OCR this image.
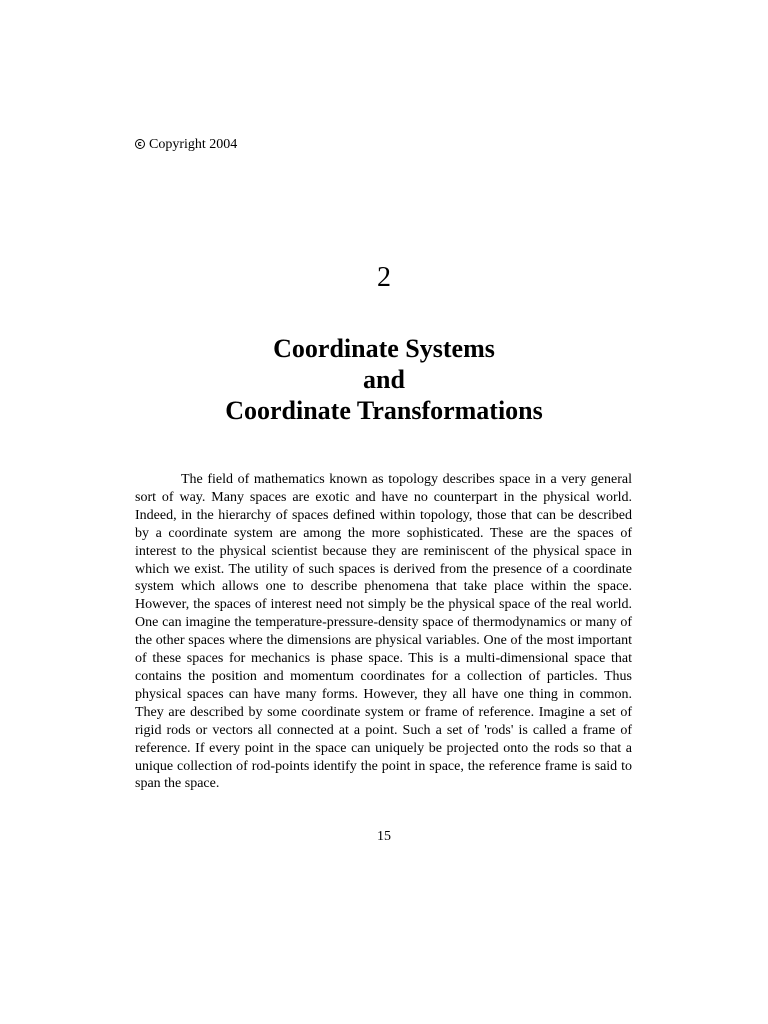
Copyright 2004
2
Coordinate Systems
and
Coordinate Transformations

The field of mathematics known as topology describes space in a very general sort of way. Many spaces are exotic and have no counterpart in the physical world. Indeed, in the hierarchy of spaces defined within topology, those that can be described by a coordinate system are among the more sophisticated. These are the spaces of interest to the physical scientist because they are reminiscent of the physical space in which we exist. The utility of such spaces is derived from the presence of a coordinate system which allows one to describe phenomena that take place within the space. However, the spaces of interest need not simply be the physical space of the real world. One can imagine the temperature-pressure-density space of thermodynamics or many of the other spaces where the dimensions are physical variables. One of the most important of these spaces for mechanics is phase space. This is a multi-dimensional space that contains the position and momentum coordinates for a collection of particles. Thus physical spaces can have many forms. However, they all have one thing in common. They are described by some coordinate system or frame of reference. Imagine a set of rigid rods or vectors all connected at a point. Such a set of 'rods' is called a frame of reference. If every point in the space can uniquely be projected onto the rods so that a unique collection of rod-points identify the point in space, the reference frame is said to span the space.

15
